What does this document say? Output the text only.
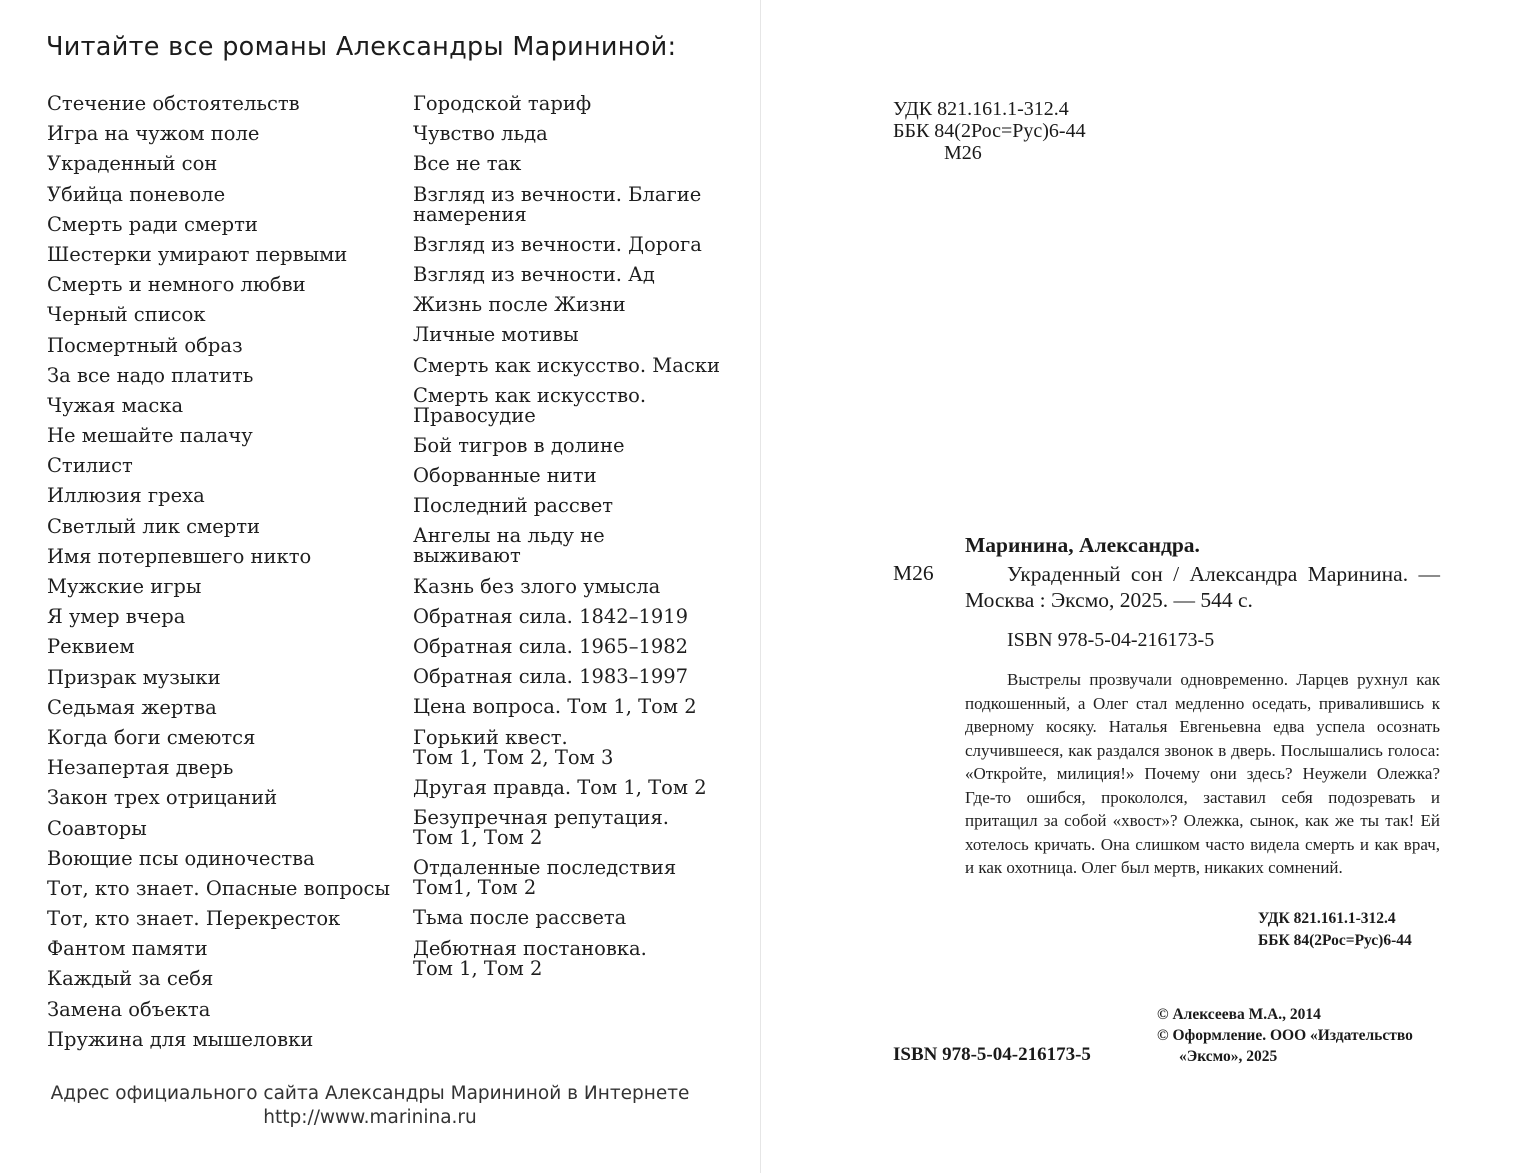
Читайте все романы Александры Марининой:
Стечение обстоятельств
Игра на чужом поле
Украденный сон
Убийца поневоле
Смерть ради смерти
Шестерки умирают первыми
Смерть и немного любви
Черный список
Посмертный образ
За все надо платить
Чужая маска
Не мешайте палачу
Стилист
Иллюзия греха
Светлый лик смерти
Имя потерпевшего никто
Мужские игры
Я умер вчера
Реквием
Призрак музыки
Седьмая жертва
Когда боги смеются
Незапертая дверь
Закон трех отрицаний
Соавторы
Воющие псы одиночества
Тот, кто знает. Опасные вопросы
Тот, кто знает. Перекресток
Фантом памяти
Каждый за себя
Замена объекта
Пружина для мышеловки
Городской тариф
Чувство льда
Все не так
Взгляд из вечности. Благие
намерения
Взгляд из вечности. Дорога
Взгляд из вечности. Ад
Жизнь после Жизни
Личные мотивы
Смерть как искусство. Маски
Смерть как искусство.
Правосудие
Бой тигров в долине
Оборванные нити
Последний рассвет
Ангелы на льду не
выживают
Казнь без злого умысла
Обратная сила. 1842–1919
Обратная сила. 1965–1982
Обратная сила. 1983–1997
Цена вопроса. Том 1, Том 2
Горький квест.
Том 1, Том 2, Том 3
Другая правда. Том 1, Том 2
Безупречная репутация.
Том 1, Том 2
Отдаленные последствия
Том1, Том 2
Тьма после рассвета
Дебютная постановка.
Том 1, Том 2
Адрес официального сайта Александры Марининой в Интернете
http://www.marinina.ru
УДК 821.161.1-312.4
ББК 84(2Рос=Рус)6-44
М26
Маринина, Александра.
М26	Украденный сон / Александра Маринина. — Москва : Эксмо, 2025. — 544 с.
ISBN 978-5-04-216173-5
Выстрелы прозвучали одновременно. Ларцев рухнул как подкошенный, а Олег стал медленно оседать, привалившись к дверному косяку. Наталья Евгеньевна едва успела осознать случившееся, как раздался звонок в дверь. Послышались голоса: «Откройте, милиция!» Почему они здесь? Неужели Олежка? Где-то ошибся, прокололся, заставил себя подозревать и притащил за собой «хвост»? Олежка, сынок, как же ты так! Ей хотелось кричать. Она слишком часто видела смерть и как врач, и как охотница. Олег был мертв, никаких сомнений.
УДК 821.161.1-312.4
ББК 84(2Рос=Рус)6-44
© Алексеева М.А., 2014
© Оформление. ООО «Издательство
«Эксмо», 2025
ISBN 978-5-04-216173-5
